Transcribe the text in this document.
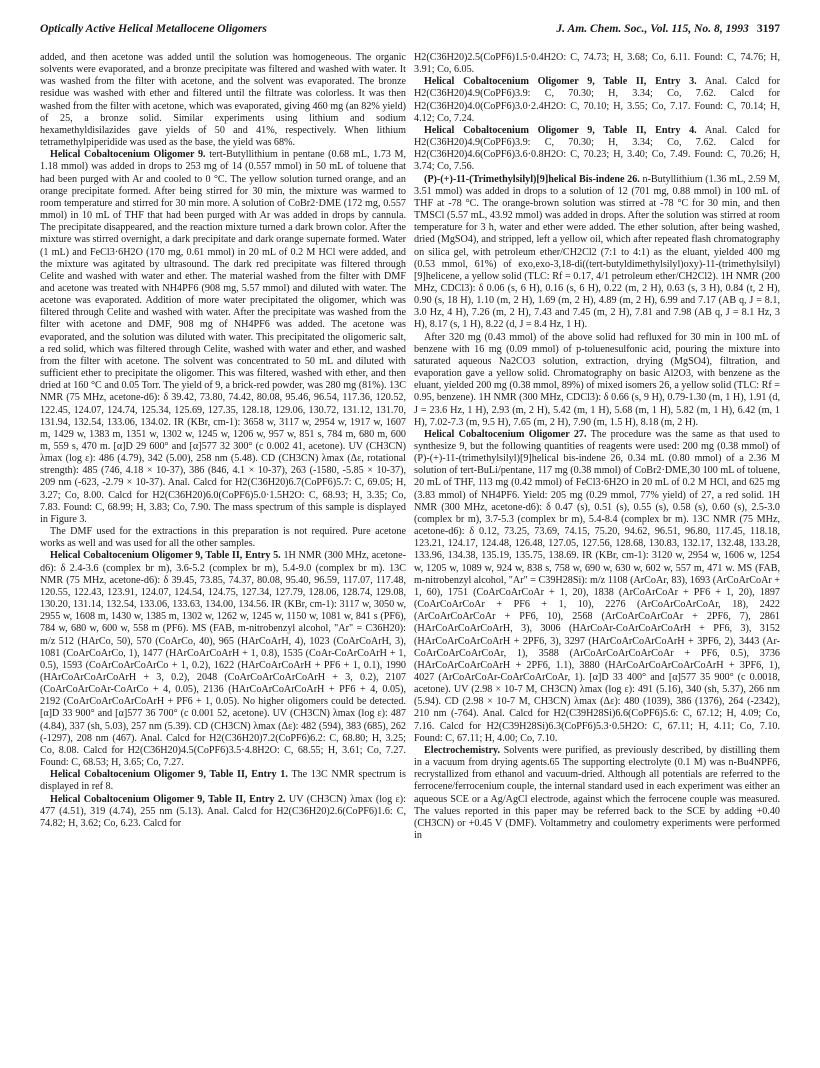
Optically Active Helical Metallocene Oligomers	J. Am. Chem. Soc., Vol. 115, No. 8, 1993 3197

added, and then acetone was added until the solution was homogeneous. The organic solvents were evaporated, and a bronze precipitate was filtered and washed with water. It was washed from the filter with acetone, and the solvent was evaporated. The bronze residue was washed with ether and filtered until the filtrate was colorless. It was then washed from the filter with acetone, which was evaporated, giving 460 mg (an 82% yield) of 25, a bronze solid. Similar experiments using lithium and sodium hexamethyldisilazides gave yields of 50 and 41%, respectively. When lithium tetramethylpiperidide was used as the base, the yield was 68%.

Helical Cobaltocenium Oligomer 9. tert-Butyllithium in pentane (0.68 mL, 1.73 M, 1.18 mmol) was added in drops to 253 mg of 14 (0.557 mmol) in 50 mL of toluene that had been purged with Ar and cooled to 0 °C. The yellow solution turned orange, and an orange precipitate formed. After being stirred for 30 min, the mixture was warmed to room temperature and stirred for 30 min more. A solution of CoBr2·DME (172 mg, 0.557 mmol) in 10 mL of THF that had been purged with Ar was added in drops by cannula. The precipitate disappeared, and the reaction mixture turned a dark brown color. After the mixture was stirred overnight, a dark precipitate and dark orange supernate formed. Water (1 mL) and FeCl3·6H2O (170 mg, 0.61 mmol) in 20 mL of 0.2 M HCl were added, and the mixture was agitated by ultrasound. The dark red precipitate was filtered through Celite and washed with water and ether. The material washed from the filter with DMF and acetone was treated with NH4PF6 (908 mg, 5.57 mmol) and diluted with water. The acetone was evaporated. Addition of more water precipitated the oligomer, which was filtered through Celite and washed with water. After the precipitate was washed from the filter with acetone and DMF, 908 mg of NH4PF6 was added. The acetone was evaporated, and the solution was diluted with water. This precipitated the oligomeric salt, a red solid, which was filtered through Celite, washed with water and ether, and washed from the filter with acetone. The solvent was concentrated to 50 mL and diluted with sufficient ether to precipitate the oligomer. This was filtered, washed with ether, and then dried at 160 °C and 0.05 Torr. The yield of 9, a brick-red powder, was 280 mg (81%). 13C NMR (75 MHz, acetone-d6): δ 39.42, 73.80, 74.42, 80.08, 95.46, 96.54, 117.36, 120.52, 122.45, 124.07, 124.74, 125.34, 125.69, 127.35, 128.18, 129.06, 130.72, 131.12, 131.70, 131.94, 132.54, 133.06, 134.02. IR (KBr, cm-1): 3658 w, 3117 w, 2954 w, 1917 w, 1607 m, 1429 w, 1383 m, 1351 w, 1302 w, 1245 w, 1206 w, 957 w, 851 s, 784 m, 680 m, 600 m, 559 s, 470 m. [α]D 29 600° and [α]577 32 300° (c 0.002 41, acetone). UV (CH3CN) λmax (log ε): 486 (4.79), 342 (5.00), 258 nm (5.48). CD (CH3CN) λmax (Δε, rotational strength): 485 (746, 4.18 × 10-37), 386 (846, 4.1 × 10-37), 263 (-1580, -5.85 × 10-37), 209 nm (-623, -2.79 × 10-37). Anal. Calcd for H2(C36H20)6.7(CoPF6)5.7: C, 69.05; H, 3.27; Co, 8.00. Calcd for H2(C36H20)6.0(CoPF6)5.0·1.5H2O: C, 68.93; H, 3.35; Co, 7.83. Found: C, 68.99; H, 3.83; Co, 7.90. The mass spectrum of this sample is displayed in Figure 3.

The DMF used for the extractions in this preparation is not required. Pure acetone works as well and was used for all the other samples.

Helical Cobaltocenium Oligomer 9, Table II, Entry 5. 1H NMR (300 MHz, acetone-d6): δ 2.4-3.6 (complex br m), 3.6-5.2 (complex br m), 5.4-9.0 (complex br m). 13C NMR (75 MHz, acetone-d6): δ 39.45, 73.85, 74.37, 80.08, 95.40, 96.59, 117.07, 117.48, 120.55, 122.43, 123.91, 124.07, 124.54, 124.75, 127.34, 127.79, 128.06, 128.74, 129.08, 130.20, 131.14, 132.54, 133.06, 133.63, 134.00, 134.56. IR (KBr, cm-1): 3117 w, 3050 w, 2955 w, 1608 m, 1430 w, 1385 m, 1302 w, 1262 w, 1245 w, 1150 w, 1081 w, 841 s (PF6), 784 w, 680 w, 600 w, 558 m (PF6). MS (FAB, m-nitrobenzyl alcohol, "Ar" = C36H20): m/z 512 (HArCo, 50), 570 (CoArCo, 40), 965 (HArCoArH, 4), 1023 (CoArCoArH, 3), 1081 (CoArCoArCo, 1), 1477 (HArCoArCoArH + 1, 0.8), 1535 (CoAr-CoArCoArH + 1, 0.5), 1593 (CoArCoArCoArCo + 1, 0.2), 1622 (HArCoArCoArH + PF6 + 1, 0.1), 1990 (HArCoArCoArCoArH + 3, 0.2), 2048 (CoArCoArCoArCoArH + 3, 0.2), 2107 (CoArCoArCoAr-CoArCo + 4, 0.05), 2136 (HArCoArCoArCoArH + PF6 + 4, 0.05), 2192 (CoArCoArCoArCoArH + PF6 + 1, 0.05). No higher oligomers could be detected. [α]D 33 900° and [α]577 36 700° (c 0.001 52, acetone). UV (CH3CN) λmax (log ε): 487 (4.84), 337 (sh, 5.03), 257 nm (5.39). CD (CH3CN) λmax (Δε): 482 (594), 383 (685), 262 (-1297), 208 nm (467). Anal. Calcd for H2(C36H20)7.2(CoPF6)6.2: C, 68.80; H, 3.25; Co, 8.08. Calcd for H2(C36H20)4.5(CoPF6)3.5·4.8H2O: C, 68.55; H, 3.61; Co, 7.27. Found: C, 68.53; H, 3.65; Co, 7.27.

Helical Cobaltocenium Oligomer 9, Table II, Entry 1. The 13C NMR spectrum is displayed in ref 8.

Helical Cobaltocenium Oligomer 9, Table II, Entry 2. UV (CH3CN) λmax (log ε): 477 (4.51), 319 (4.74), 255 nm (5.13). Anal. Calcd for H2(C36H20)2.6(CoPF6)1.6: C, 74.82; H, 3.62; Co, 6.23. Calcd for

H2(C36H20)2.5(CoPF6)1.5·0.4H2O: C, 74.73; H, 3.68; Co, 6.11. Found: C, 74.76; H, 3.91; Co, 6.05.

Helical Cobaltocenium Oligomer 9, Table II, Entry 3. Anal. Calcd for H2(C36H20)4.9(CoPF6)3.9: C, 70.30; H, 3.34; Co, 7.62. Calcd for H2(C36H20)4.0(CoPF6)3.0·2.4H2O: C, 70.10; H, 3.55; Co, 7.17. Found: C, 70.14; H, 4.12; Co, 7.24.

Helical Cobaltocenium Oligomer 9, Table II, Entry 4. Anal. Calcd for H2(C36H20)4.9(CoPF6)3.9: C, 70.30; H, 3.34; Co, 7.62. Calcd for H2(C36H20)4.6(CoPF6)3.6·0.8H2O: C, 70.23; H, 3.40; Co, 7.49. Found: C, 70.26; H, 3.74; Co, 7.56.

(P)-(+)-11-(Trimethylsilyl)[9]helical Bis-indene 26. n-Butyllithium (1.36 mL, 2.59 M, 3.51 mmol) was added in drops to a solution of 12 (701 mg, 0.88 mmol) in 100 mL of THF at -78 °C. The orange-brown solution was stirred at -78 °C for 30 min, and then TMSCl (5.57 mL, 43.92 mmol) was added in drops. After the solution was stirred at room temperature for 3 h, water and ether were added. The ether solution, after being washed, dried (MgSO4), and stripped, left a yellow oil, which after repeated flash chromatography on silica gel, with petroleum ether/CH2Cl2 (7:1 to 4:1) as the eluant, yielded 400 mg (0.53 mmol, 61%) of exo,exo-3,18-di((tert-butyldimethylsilyl)oxy)-11-(trimethylsilyl)[9]helicene, a yellow solid (TLC: Rf = 0.17, 4/1 petroleum ether/CH2Cl2). 1H NMR (200 MHz, CDCl3): δ 0.06 (s, 6 H), 0.16 (s, 6 H), 0.22 (m, 2 H), 0.63 (s, 3 H), 0.84 (t, 2 H), 0.90 (s, 18 H), 1.10 (m, 2 H), 1.69 (m, 2 H), 4.89 (m, 2 H), 6.99 and 7.17 (AB q, J = 8.1, 3.0 Hz, 4 H), 7.26 (m, 2 H), 7.43 and 7.45 (m, 2 H), 7.81 and 7.98 (AB q, J = 8.1 Hz, 3 H), 8.17 (s, 1 H), 8.22 (d, J = 8.4 Hz, 1 H).

After 320 mg (0.43 mmol) of the above solid had refluxed for 30 min in 100 mL of benzene with 16 mg (0.09 mmol) of p-toluenesulfonic acid, pouring the mixture into saturated aqueous Na2CO3 solution, extraction, drying (MgSO4), filtration, and evaporation gave a yellow solid. Chromatography on basic Al2O3, with benzene as the eluant, yielded 200 mg (0.38 mmol, 89%) of mixed isomers 26, a yellow solid (TLC: Rf = 0.95, benzene). 1H NMR (300 MHz, CDCl3): δ 0.66 (s, 9 H), 0.79-1.30 (m, 1 H), 1.91 (d, J = 23.6 Hz, 1 H), 2.93 (m, 2 H), 5.42 (m, 1 H), 5.68 (m, 1 H), 5.82 (m, 1 H), 6.42 (m, 1 H), 7.02-7.3 (m, 9.5 H), 7.65 (m, 2 H), 7.90 (m, 1.5 H), 8.18 (m, 2 H).

Helical Cobaltocenium Oligomer 27. The procedure was the same as that used to synthesize 9, but the following quantities of reagents were used: 200 mg (0.38 mmol) of (P)-(+)-11-(trimethylsilyl)[9]helical bis-indene 26, 0.34 mL (0.80 mmol) of a 2.36 M solution of tert-BuLi/pentane, 117 mg (0.38 mmol) of CoBr2·DME,30 100 mL of toluene, 20 mL of THF, 113 mg (0.42 mmol) of FeCl3·6H2O in 20 mL of 0.2 M HCl, and 625 mg (3.83 mmol) of NH4PF6. Yield: 205 mg (0.29 mmol, 77% yield) of 27, a red solid. 1H NMR (300 MHz, acetone-d6): δ 0.47 (s), 0.51 (s), 0.55 (s), 0.58 (s), 0.60 (s), 2.5-3.0 (complex br m), 3.7-5.3 (complex br m), 5.4-8.4 (complex br m). 13C NMR (75 MHz, acetone-d6): δ 0.12, 73.25, 73.69, 74.15, 75.20, 94.62, 96.51, 96.80, 117.45, 118.18, 123.21, 124.17, 124.48, 126.48, 127.05, 127.56, 128.68, 130.83, 132.17, 132.48, 133.28, 133.96, 134.38, 135.19, 135.75, 138.69. IR (KBr, cm-1): 3120 w, 2954 w, 1606 w, 1254 w, 1205 w, 1089 w, 924 w, 838 s, 758 w, 690 w, 630 w, 602 w, 557 m, 471 w. MS (FAB, m-nitrobenzyl alcohol, "Ar" = C39H28Si): m/z 1108 (ArCoAr, 83), 1693 (ArCoArCoAr + 1, 60), 1751 (CoArCoArCoAr + 1, 20), 1838 (ArCoArCoAr + PF6 + 1, 20), 1897 (CoArCoArCoAr + PF6 + 1, 10), 2276 (ArCoArCoArCoAr, 18), 2422 (ArCoArCoArCoAr + PF6, 10), 2568 (ArCoArCoArCoAr + 2PF6, 7), 2861 (HArCoArCoArCoArH, 3), 3006 (HArCoAr-CoArCoArCoArH + PF6, 3), 3152 (HArCoArCoArCoArH + 2PF6, 3), 3297 (HArCoArCoArCoArH + 3PF6, 2), 3443 (Ar-CoArCoArCoArCoAr, 1), 3588 (ArCoArCoArCoArCoAr + PF6, 0.5), 3736 (HArCoArCoArCoArH + 2PF6, 1.1), 3880 (HArCoArCoArCoArCoArH + 3PF6, 1), 4027 (ArCoArCoAr-CoArCoArCoAr, 1). [α]D 33 400° and [α]577 35 900° (c 0.0018, acetone). UV (2.98 × 10-7 M, CH3CN) λmax (log ε): 491 (5.16), 340 (sh, 5.37), 266 nm (5.94). CD (2.98 × 10-7 M, CH3CN) λmax (Δε): 480 (1039), 386 (1376), 264 (-2342), 210 nm (-764). Anal. Calcd for H2(C39H28Si)6.6(CoPF6)5.6: C, 67.12; H, 4.09; Co, 7.16. Calcd for H2(C39H28Si)6.3(CoPF6)5.3·0.5H2O: C, 67.11; H, 4.11; Co, 7.10. Found: C, 67.11; H, 4.00; Co, 7.10.

Electrochemistry. Solvents were purified, as previously described, by distilling them in a vacuum from drying agents.65 The supporting electrolyte (0.1 M) was n-Bu4NPF6, recrystallized from ethanol and vacuum-dried. Although all potentials are referred to the ferrocene/ferrocenium couple, the internal standard used in each experiment was either an aqueous SCE or a Ag/AgCl electrode, against which the ferrocene couple was measured. The values reported in this paper may be referred back to the SCE by adding +0.40 (CH3CN) or +0.45 V (DMF). Voltammetry and coulometry experiments were performed in
